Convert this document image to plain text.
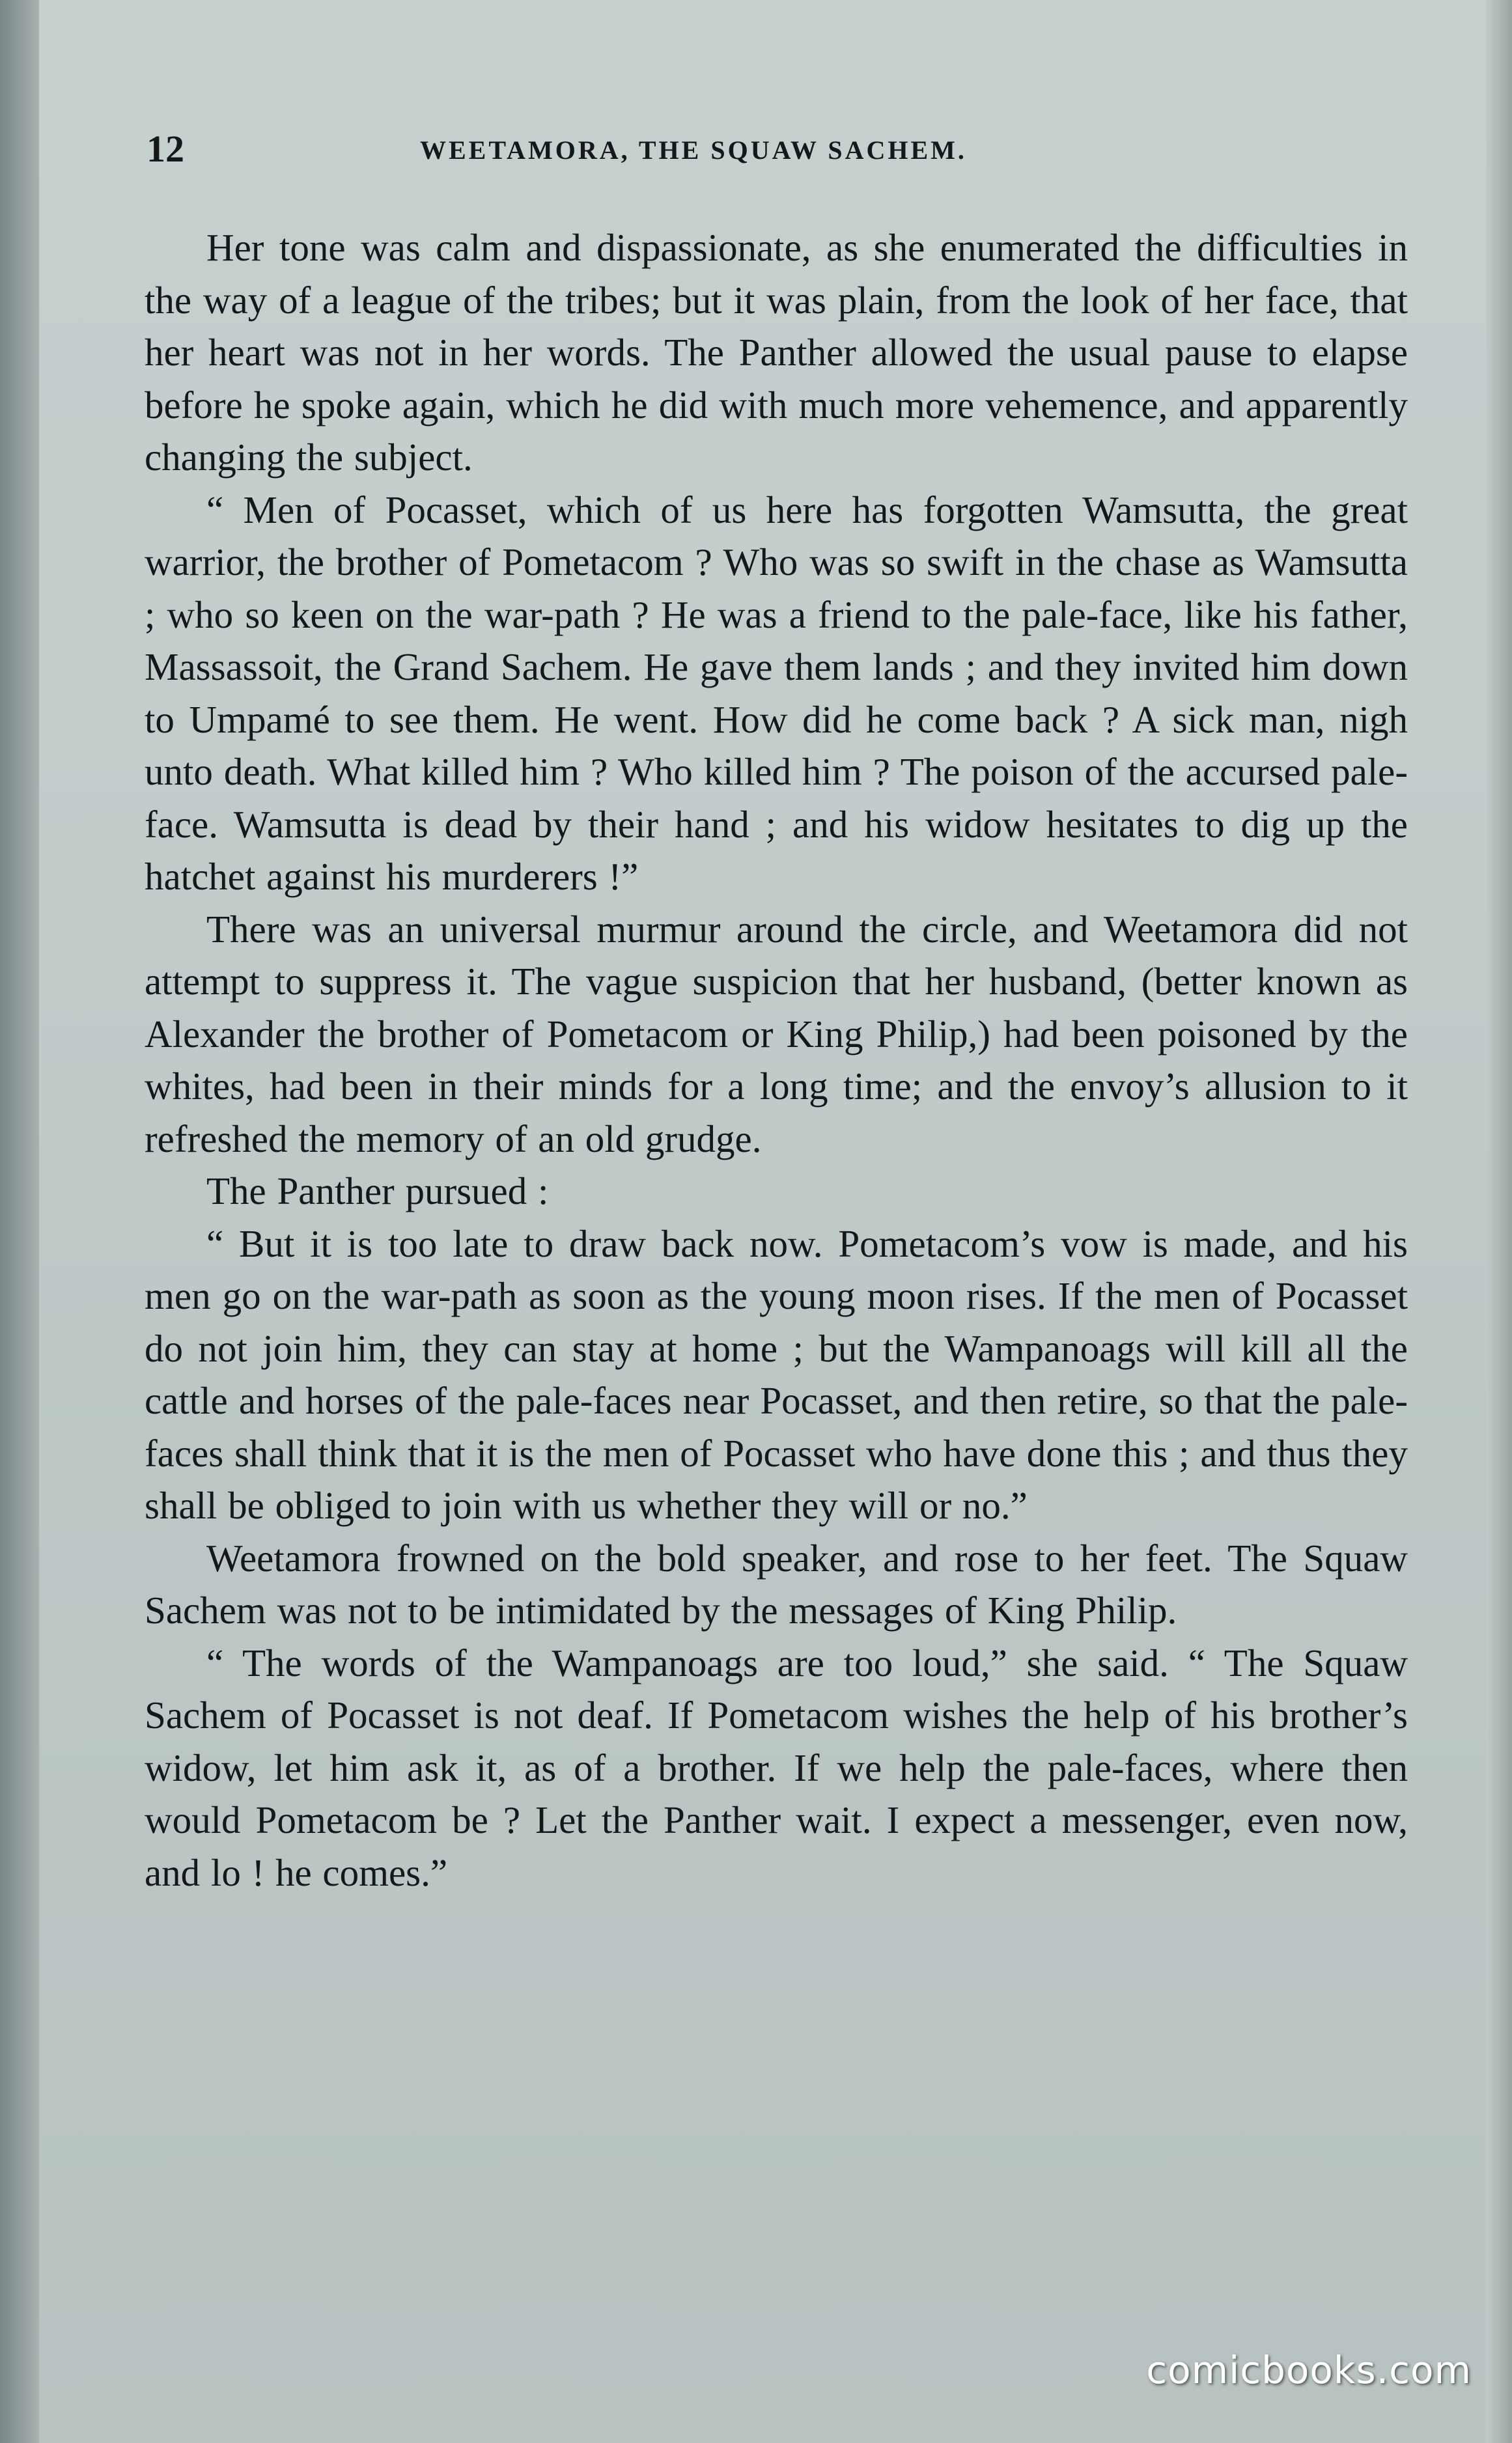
12	WEETAMORA, THE SQUAW SACHEM.

Her tone was calm and dispassionate, as she enumerated the difficulties in the way of a league of the tribes; but it was plain, from the look of her face, that her heart was not in her words. The Panther allowed the usual pause to elapse before he spoke again, which he did with much more vehemence, and apparently changing the subject.

“ Men of Pocasset, which of us here has forgotten Wamsutta, the great warrior, the brother of Pometacom ? Who was so swift in the chase as Wamsutta ; who so keen on the war-path ? He was a friend to the pale-face, like his father, Massassoit, the Grand Sachem. He gave them lands ; and they invited him down to Umpamé to see them. He went. How did he come back ? A sick man, nigh unto death. What killed him ? Who killed him ? The poison of the accursed pale-face. Wamsutta is dead by their hand ; and his widow hesitates to dig up the hatchet against his murderers !”

There was an universal murmur around the circle, and Weetamora did not attempt to suppress it. The vague suspicion that her husband, (better known as Alexander the brother of Pometacom or King Philip,) had been poisoned by the whites, had been in their minds for a long time; and the envoy’s allusion to it refreshed the memory of an old grudge.

The Panther pursued :

“ But it is too late to draw back now. Pometacom’s vow is made, and his men go on the war-path as soon as the young moon rises. If the men of Pocasset do not join him, they can stay at home ; but the Wampanoags will kill all the cattle and horses of the pale-faces near Pocasset, and then retire, so that the pale-faces shall think that it is the men of Pocasset who have done this ; and thus they shall be obliged to join with us whether they will or no.”

Weetamora frowned on the bold speaker, and rose to her feet. The Squaw Sachem was not to be intimidated by the messages of King Philip.

“ The words of the Wampanoags are too loud,” she said. “ The Squaw Sachem of Pocasset is not deaf. If Pometacom wishes the help of his brother’s widow, let him ask it, as of a brother. If we help the pale-faces, where then would Pometacom be ? Let the Panther wait. I expect a messenger, even now, and lo ! he comes.”

comicbooks.com
